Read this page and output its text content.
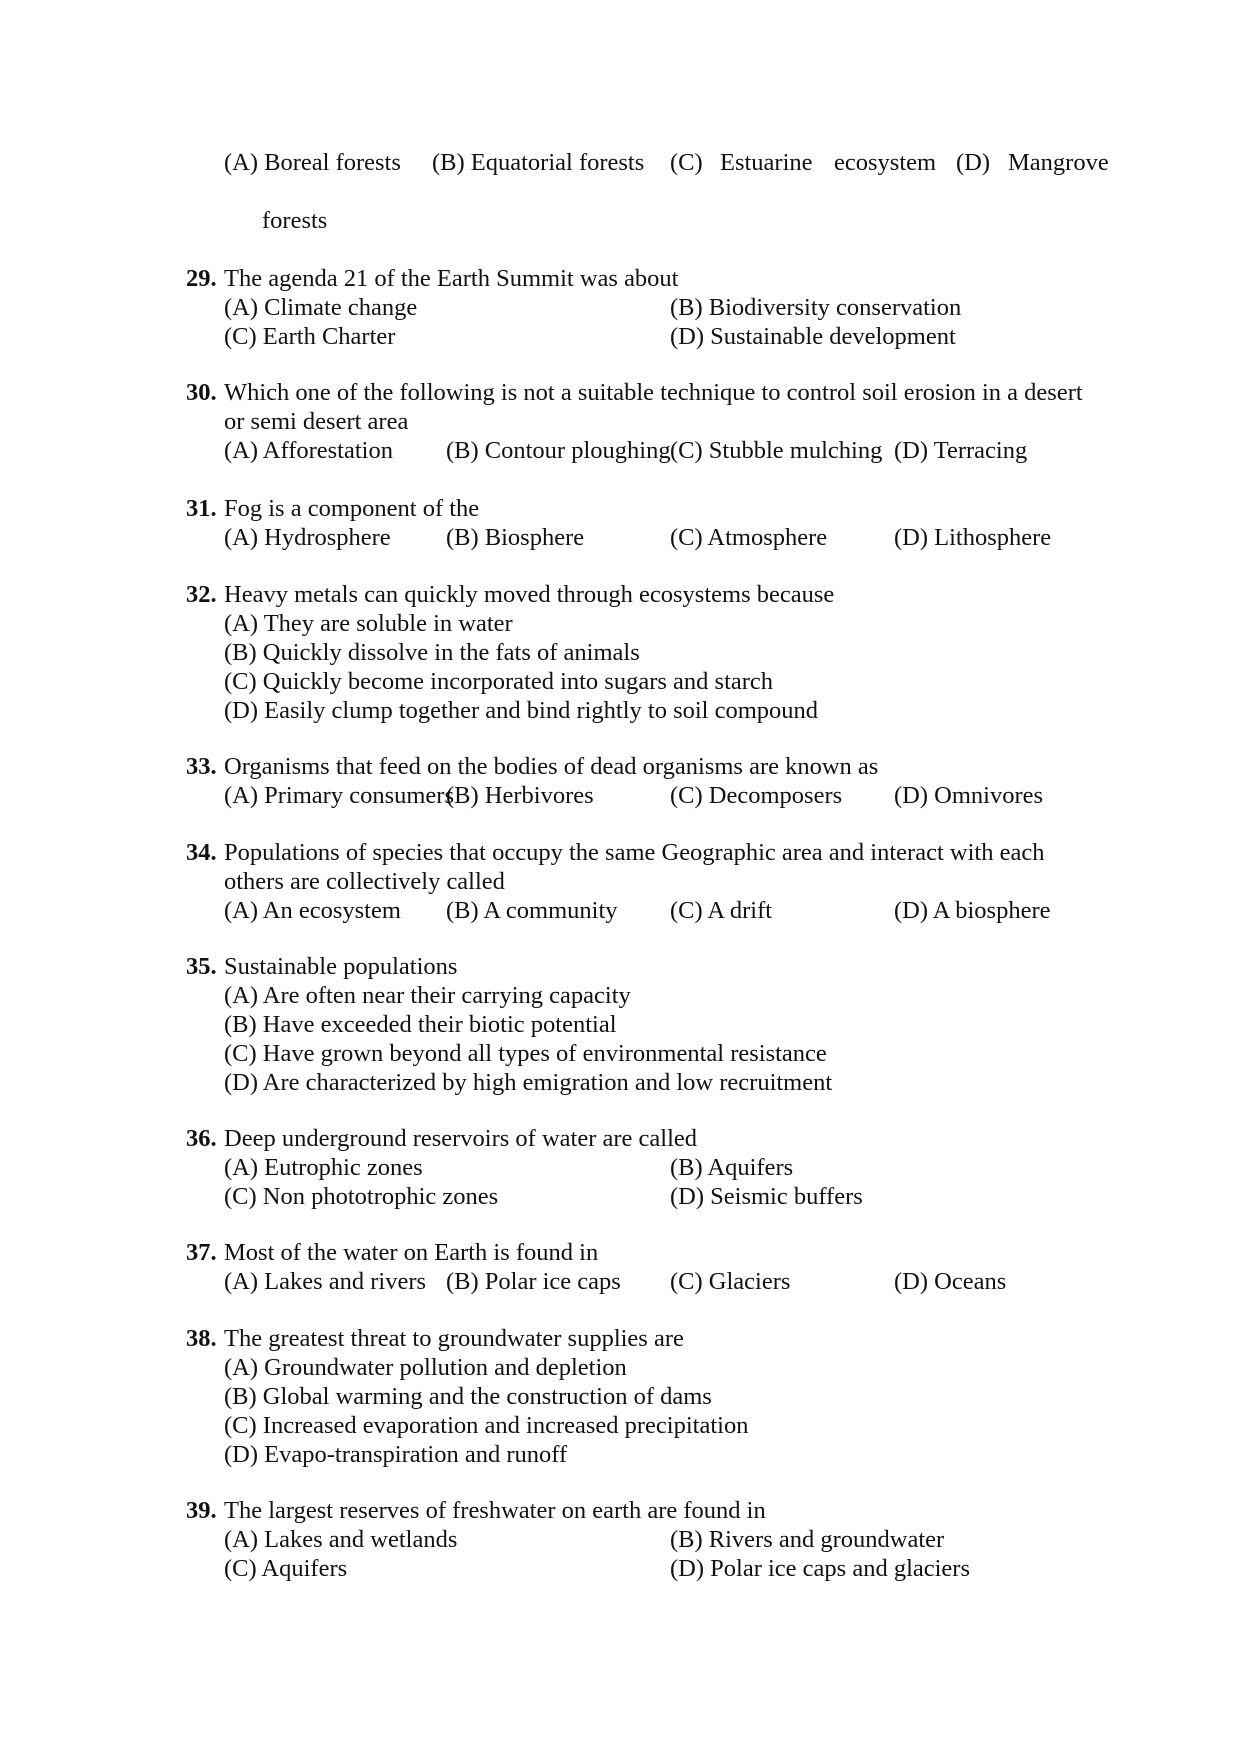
(A) Boreal forests (B) Equatorial forests (C) Estuarine ecosystem (D) Mangrove
forests
29. The agenda 21 of the Earth Summit was about
(A) Climate change	(B) Biodiversity conservation
(C) Earth Charter	(D) Sustainable development
30. Which one of the following is not a suitable technique to control soil erosion in a desert or semi desert area
(A) Afforestation (B) Contour ploughing (C) Stubble mulching (D) Terracing
31. Fog is a component of the
(A) Hydrosphere (B) Biosphere	(C) Atmosphere	(D) Lithosphere
32. Heavy metals can quickly moved through ecosystems because
(A) They are soluble in water
(B) Quickly dissolve in the fats of animals
(C) Quickly become incorporated into sugars and starch
(D) Easily clump together and bind rightly to soil compound
33. Organisms that feed on the bodies of dead organisms are known as
(A) Primary consumers
(B) Herbivores	(C) Decomposers (D) Omnivores
34. Populations of species that occupy the same Geographic area and interact with each others are collectively called
(A) An ecosystem (B) A community (C) A drift	(D) A biosphere
35. Sustainable populations
(A) Are often near their carrying capacity
(B) Have exceeded their biotic potential
(C) Have grown beyond all types of environmental resistance
(D) Are characterized by high emigration and low recruitment
36. Deep underground reservoirs of water are called
(A) Eutrophic zones	(B) Aquifers
(C) Non phototrophic zones	(D) Seismic buffers
37. Most of the water on Earth is found in
(A) Lakes and rivers (B) Polar ice caps (C) Glaciers	(D) Oceans
38. The greatest threat to groundwater supplies are
(A) Groundwater pollution and depletion
(B) Global warming and the construction of dams
(C) Increased evaporation and increased precipitation
(D) Evapo-transpiration and runoff
39. The largest reserves of freshwater on earth are found in
(A) Lakes and wetlands	(B) Rivers and groundwater
(C) Aquifers	(D) Polar ice caps and glaciers
